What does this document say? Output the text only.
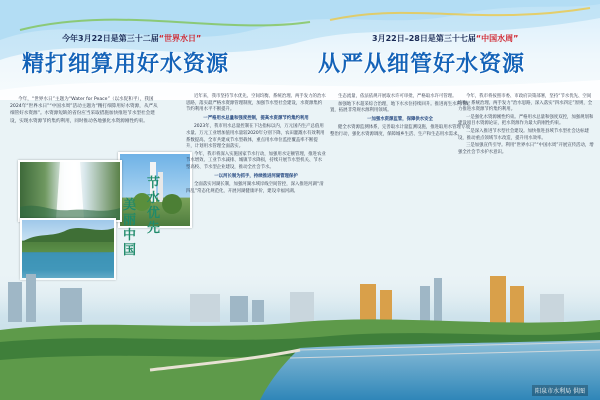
今年3月22日是第三十二届“世界水日”	3月22日–28日是第三十七届“中国水周”
精打细算用好水资源	从严从细管好水资源

今年，“世界水日”主题为“Water for Peace”（以水促和平），我国2024年“世界水日”“中国水周”活动主题为“精打细算用好水资源，从严从细管好水资源”。水资源短缺的省份应当采取措施加快推进节水型社会建设，实现水资源节约集约利用，同时推动各地强化水资源刚性约束。

美丽中国
节水优先

近年来，我市坚持节水优先、空间均衡、系统治理、两手发力的治水思路，落实最严格水资源管理制度，加强节水型社会建设，水资源集约节约利用水平不断提升。

一严格用水总量和强度控制，提高水资源节约集约利用

2023年，我市用水总量控制在下达指标以内，万元国内生产总值用水量、万元工业增加值用水量较2020年分别下降，农田灌溉水有效利用系数提高。全市共建成节水型载体，重点用水单位监控覆盖率不断提升，计划用水管理全面落实。

今年，我市将深入实施国家节水行动，加强用水定额管理，推进农业节水增效、工业节水减排、城镇节水降损，持续开展节水型机关、节水型高校、节水型企业建设，推动全社会节水。

一以河长制为抓手，持续推进河湖管理保护

全面落实河湖长制，加强河湖水域岸线空间管控，深入推进河湖“清四乱”常态化规范化，开展河湖健康评价，建设幸福河湖。

生态流量，依法依规开展取水许可审批，严格取水许可管理。

加强地下水超采综合治理，地下水水位持续回升。推进再生水利用配置，拓展非常规水源利用领域。

一加强水资源监管，保障供水安全

健全水资源监测体系，完善取水计量监测设施，推进取用水管理专项整治行动，强化水资源调度，保障城乡生活、生产和生态用水需求。

今年，我市将按照市委、市政府决策部署，坚持“节水优先、空间均衡、系统治理、两手发力”治水思路，深入落实“四水四定”原则，全力推进水资源节约集约利用。

一是强化水资源刚性约束。严格用水总量和强度双控，加强规划和建设项目水资源论证，把水资源作为最大的刚性约束。

二是深入推进节水型社会建设。加快推进县域节水型社会达标建设，推动重点领域节水改造，提升用水效率。

三是加强宣传引导。利用“世界水日”“中国水周”开展宣传活动，增强全社会节水护水意识。

阳泉市水利局 供图
